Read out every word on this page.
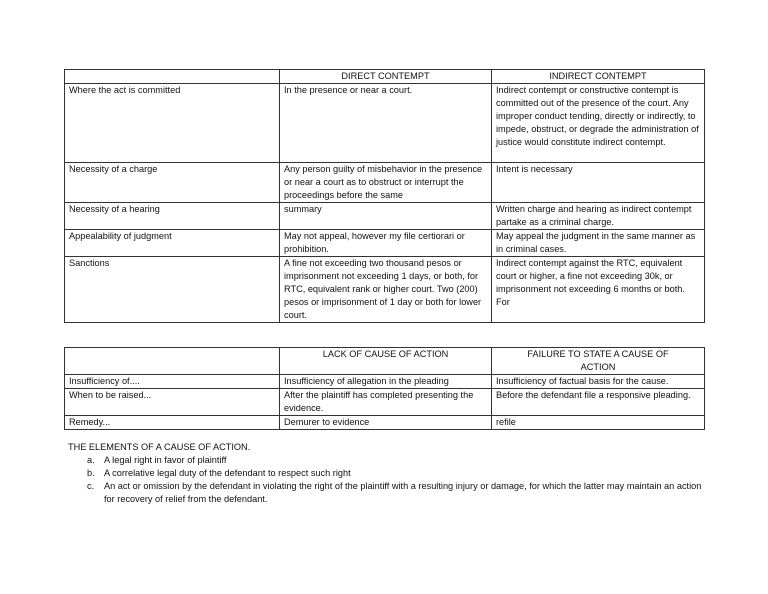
	DIRECT CONTEMPT	INDIRECT CONTEMPT
Where the act is committed	In the presence or near a court.	Indirect contempt or constructive contempt is committed out of the presence of the court. Any improper conduct tending, directly or indirectly, to impede, obstruct, or degrade the administration of justice would constitute indirect contempt.
Necessity of a charge	Any person guilty of misbehavior in the presence or near a court as to obstruct or interrupt the proceedings before the same	Intent is necessary
Necessity of a hearing	summary	Written charge and hearing as indirect contempt partake as a criminal charge.
Appealability of judgment	May not appeal, however my file certiorari or prohibition.	May appeal the judgment in the same manner as in criminal cases.
Sanctions	A fine not exceeding two thousand pesos or imprisonment not exceeding 1 days, or both, for RTC, equivalent rank or higher court. Two (200) pesos or imprisonment of 1 day or both for lower court.	Indirect contempt against the RTC, equivalent court or higher, a fine not exceeding 30k, or imprisonment not exceeding 6 months or both. For
	LACK OF CAUSE OF ACTION	FAILURE TO STATE A CAUSE OF ACTION
Insufficiency of....	Insufficiency of allegation in the pleading	Insufficiency of factual basis for the cause.
When to be raised...	After the plaintiff has completed presenting the evidence.	Before the defendant file a responsive pleading.
Remedy...	Demurer to evidence	refile

THE ELEMENTS OF A CAUSE OF ACTION.

a. A legal right in favor of plaintiff
b. A correlative legal duty of the defendant to respect such right
c. An act or omission by the defendant in violating the right of the plaintiff with a resulting injury or damage, for which the latter may maintain an action for recovery of relief from the defendant.
